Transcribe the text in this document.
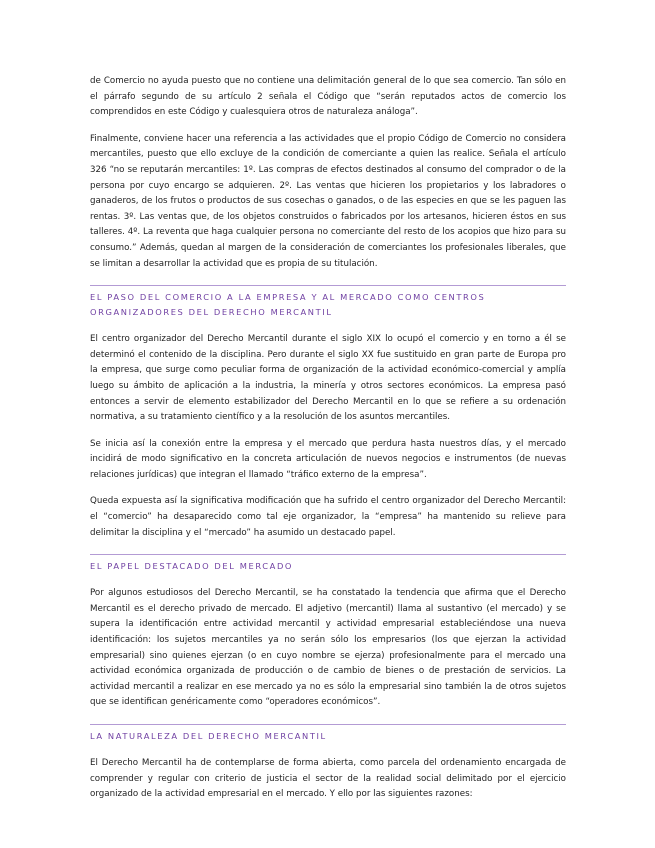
de Comercio no ayuda puesto que no contiene una delimitación general de lo que sea comercio. Tan sólo en el párrafo segundo de su artículo 2 señala el Código que “serán reputados actos de comercio los comprendidos en este Código y cualesquiera otros de naturaleza análoga”.

Finalmente, conviene hacer una referencia a las actividades que el propio Código de Comercio no considera mercantiles, puesto que ello excluye de la condición de comerciante a quien las realice. Señala el artículo 326 “no se reputarán mercantiles: 1º. Las compras de efectos destinados al consumo del comprador o de la persona por cuyo encargo se adquieren. 2º. Las ventas que hicieren los propietarios y los labradores o ganaderos, de los frutos o productos de sus cosechas o ganados, o de las especies en que se les paguen las rentas. 3º. Las ventas que, de los objetos construidos o fabricados por los artesanos, hicieren éstos en sus talleres. 4º. La reventa que haga cualquier persona no comerciante del resto de los acopios que hizo para su consumo.” Además, quedan al margen de la consideración de comerciantes los profesionales liberales, que se limitan a desarrollar la actividad que es propia de su titulación.

EL PASO DEL COMERCIO A LA EMPRESA Y AL MERCADO COMO CENTROS ORGANIZADORES DEL DERECHO MERCANTIL

El centro organizador del Derecho Mercantil durante el siglo XIX lo ocupó el comercio y en torno a él se determinó el contenido de la disciplina. Pero durante el siglo XX fue sustituido en gran parte de Europa pro la empresa, que surge como peculiar forma de organización de la actividad económico-comercial y amplía luego su ámbito de aplicación a la industria, la minería y otros sectores económicos. La empresa pasó entonces a servir de elemento estabilizador del Derecho Mercantil en lo que se refiere a su ordenación normativa, a su tratamiento científico y a la resolución de los asuntos mercantiles.

Se inicia así la conexión entre la empresa y el mercado que perdura hasta nuestros días, y el mercado incidirá de modo significativo en la concreta articulación de nuevos negocios e instrumentos (de nuevas relaciones jurídicas) que integran el llamado “tráfico externo de la empresa”.

Queda expuesta así la significativa modificación que ha sufrido el centro organizador del Derecho Mercantil: el “comercio” ha desaparecido como tal eje organizador, la “empresa” ha mantenido su relieve para delimitar la disciplina y el “mercado” ha asumido un destacado papel.

EL PAPEL DESTACADO DEL MERCADO

Por algunos estudiosos del Derecho Mercantil, se ha constatado la tendencia que afirma que el Derecho Mercantil es el derecho privado de mercado. El adjetivo (mercantil) llama al sustantivo (el mercado) y se supera la identificación entre actividad mercantil y actividad empresarial estableciéndose una nueva identificación: los sujetos mercantiles ya no serán sólo los empresarios (los que ejerzan la actividad empresarial) sino quienes ejerzan (o en cuyo nombre se ejerza) profesionalmente para el mercado una actividad económica organizada de producción o de cambio de bienes o de prestación de servicios. La actividad mercantil a realizar en ese mercado ya no es sólo la empresarial sino también la de otros sujetos que se identifican genéricamente como “operadores económicos”.

LA NATURALEZA DEL DERECHO MERCANTIL

El Derecho Mercantil ha de contemplarse de forma abierta, como parcela del ordenamiento encargada de comprender y regular con criterio de justicia el sector de la realidad social delimitado por el ejercicio organizado de la actividad empresarial en el mercado. Y ello por las siguientes razones:
